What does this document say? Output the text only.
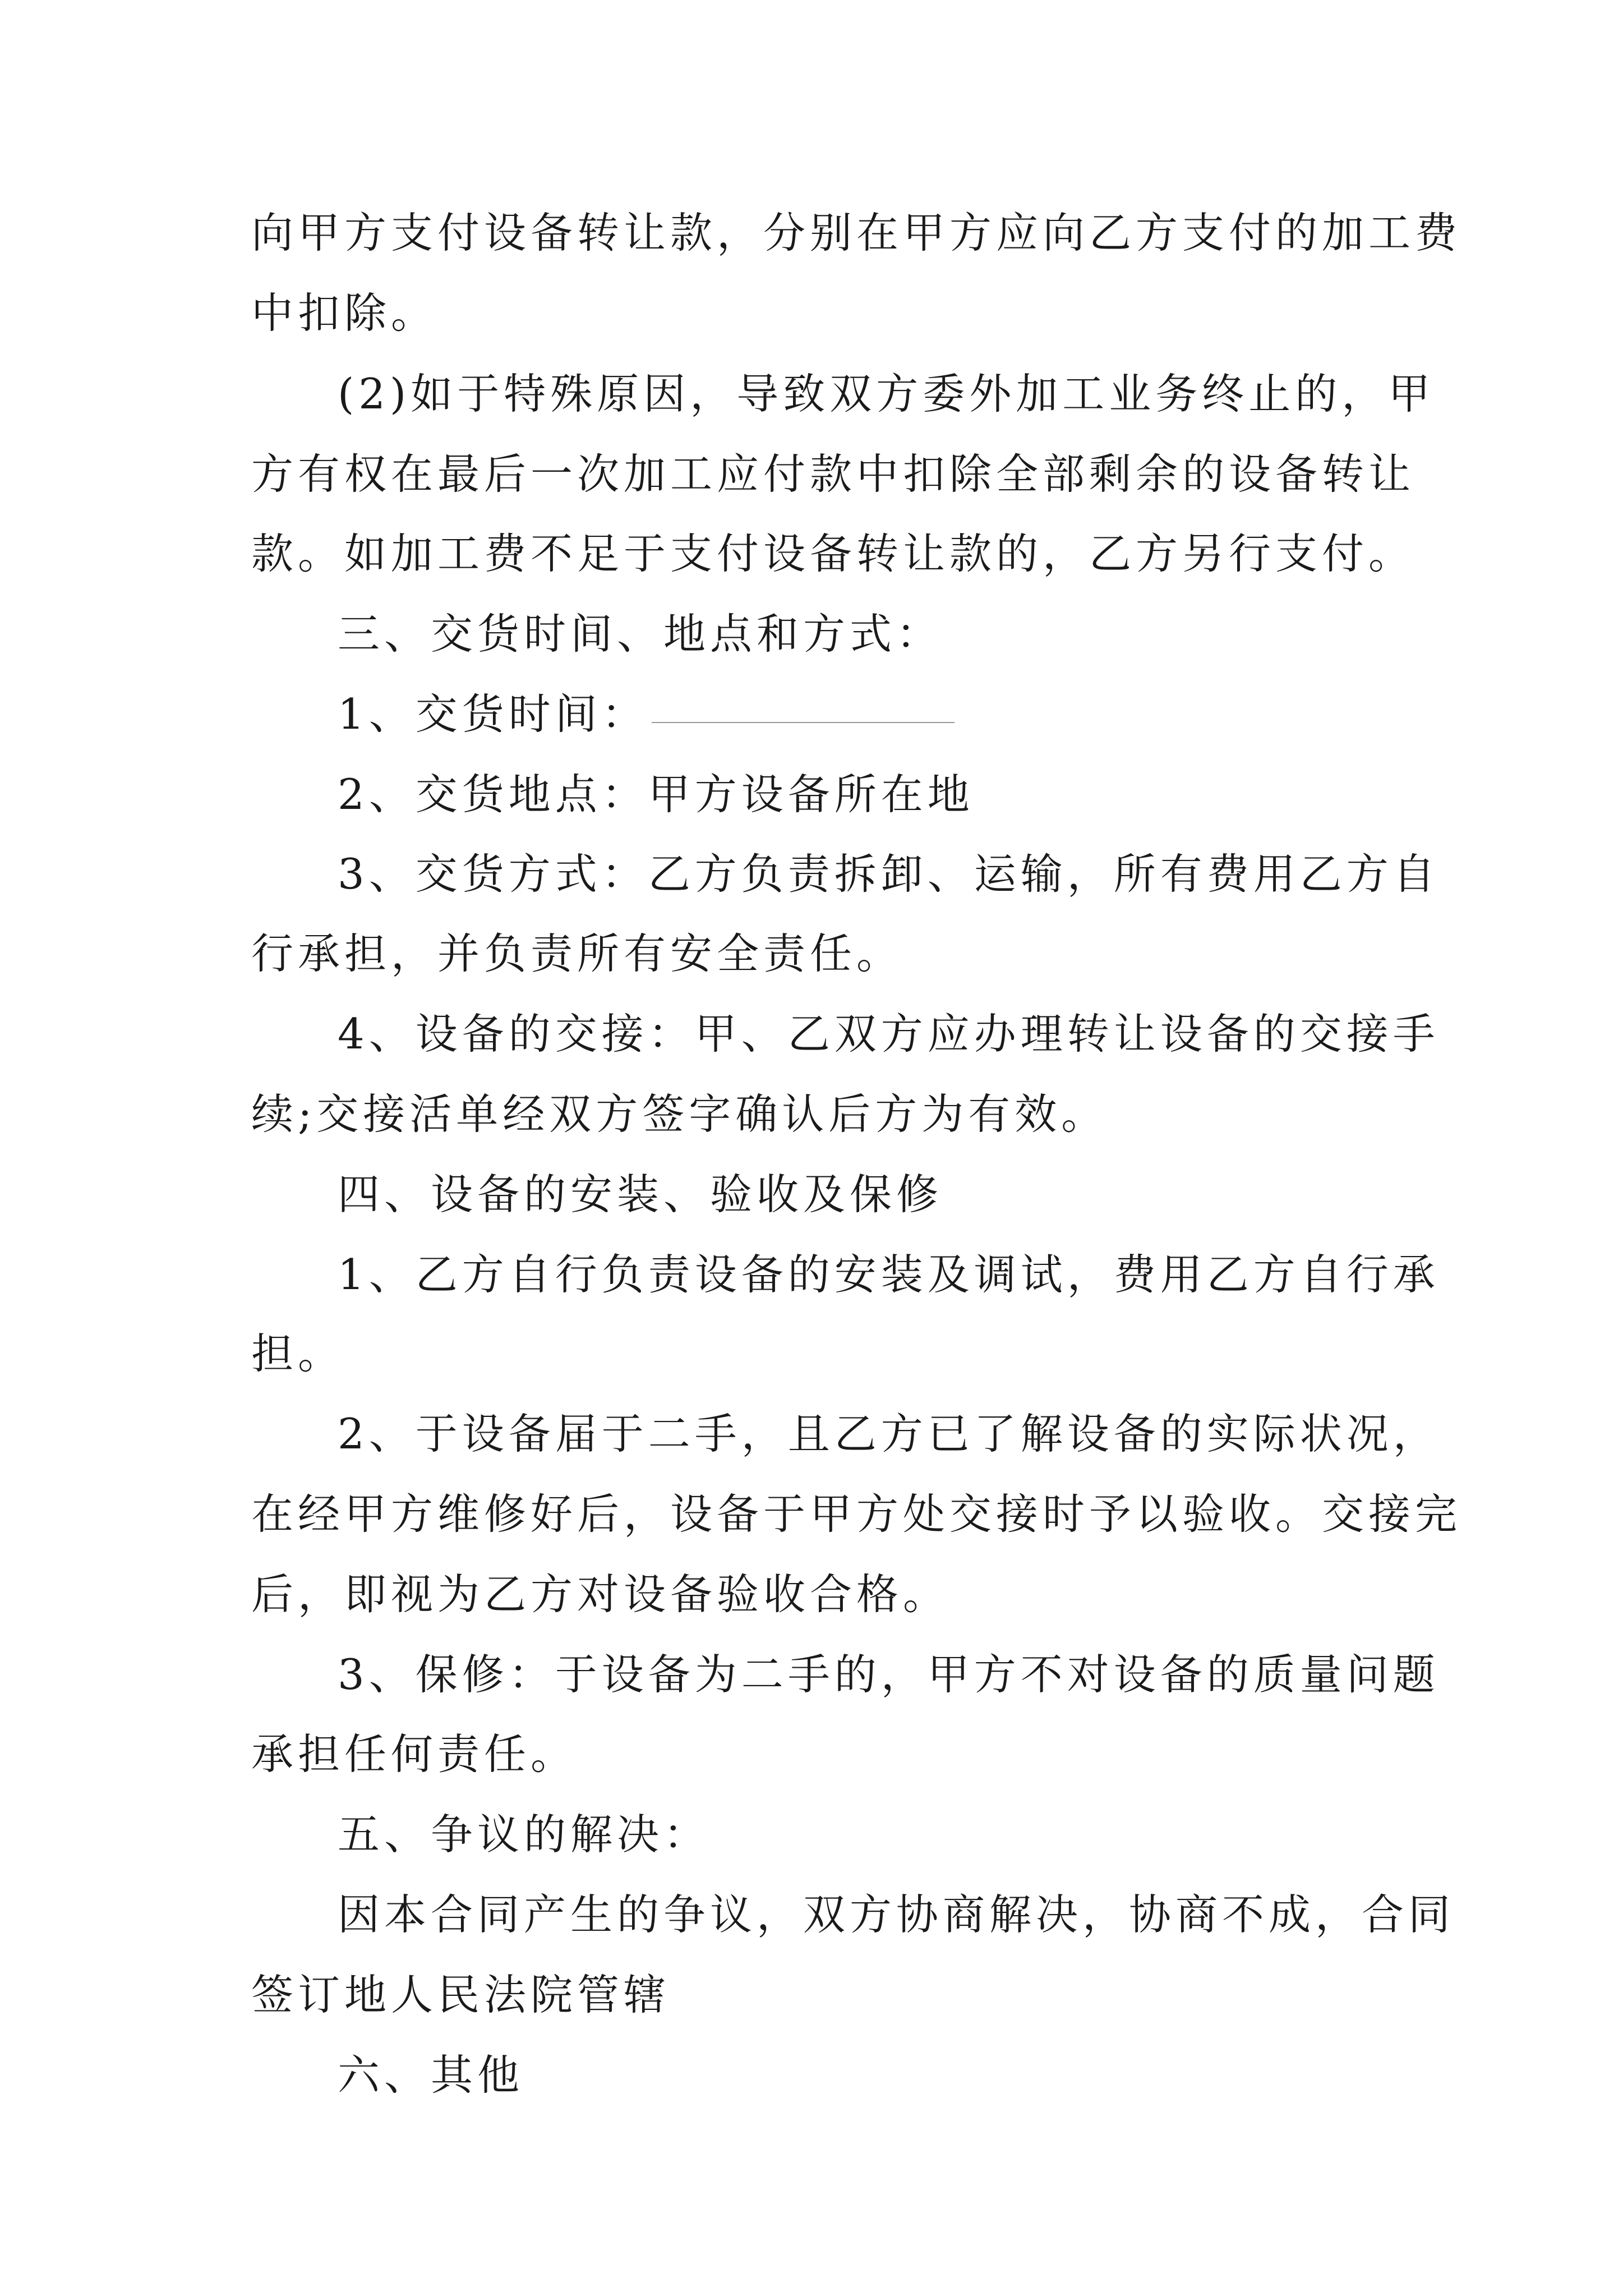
向甲方支付设备转让款，分别在甲方应向乙方支付的加工费
中扣除。
(2)如于特殊原因，导致双方委外加工业务终止的，甲
方有权在最后一次加工应付款中扣除全部剩余的设备转让
款。如加工费不足于支付设备转让款的，乙方另行支付。
三、交货时间、地点和方式：
1、交货时间：
2、交货地点：甲方设备所在地
3、交货方式：乙方负责拆卸、运输，所有费用乙方自
行承担，并负责所有安全责任。
4、设备的交接：甲、乙双方应办理转让设备的交接手
续;交接活单经双方签字确认后方为有效。
四、设备的安装、验收及保修
1、乙方自行负责设备的安装及调试，费用乙方自行承
担。
2、于设备届于二手，且乙方已了解设备的实际状况，
在经甲方维修好后，设备于甲方处交接时予以验收。交接完
后，即视为乙方对设备验收合格。
3、保修：于设备为二手的，甲方不对设备的质量问题
承担任何责任。
五、争议的解决：
因本合同产生的争议，双方协商解决，协商不成，合同
签订地人民法院管辖
六、其他
